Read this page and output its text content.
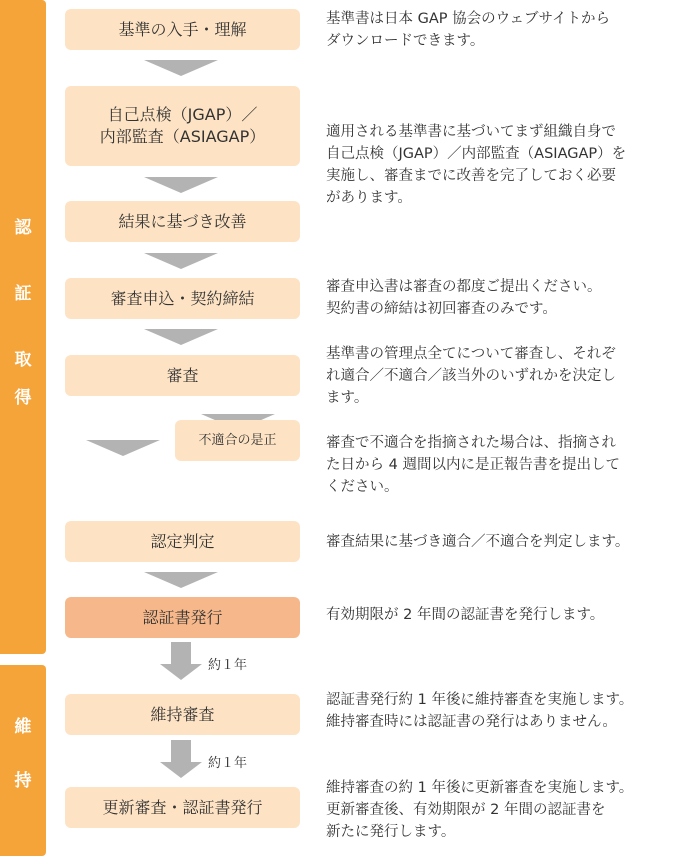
認
証
取
得
維
持
基準の入手・理解
自己点検（JGAP）／
内部監査（ASIAGAP）
結果に基づき改善
審査申込・契約締結
審査
不適合の是正
認定判定
認証書発行
約１年
維持審査
約１年
更新審査・認証書発行
基準書は日本 GAP 協会のウェブサイトから
ダウンロードできます。
適用される基準書に基づいてまず組織自身で
自己点検（JGAP）／内部監査（ASIAGAP）を
実施し、審査までに改善を完了しておく必要
があります。
審査申込書は審査の都度ご提出ください。
契約書の締結は初回審査のみです。
基準書の管理点全てについて審査し、それぞ
れ適合／不適合／該当外のいずれかを決定し
ます。
審査で不適合を指摘された場合は、指摘され
た日から 4 週間以内に是正報告書を提出して
ください。
審査結果に基づき適合／不適合を判定します。
有効期限が 2 年間の認証書を発行します。
認証書発行約 1 年後に維持審査を実施します。
維持審査時には認証書の発行はありません。
維持審査の約 1 年後に更新審査を実施します。
更新審査後、有効期限が 2 年間の認証書を
新たに発行します。
